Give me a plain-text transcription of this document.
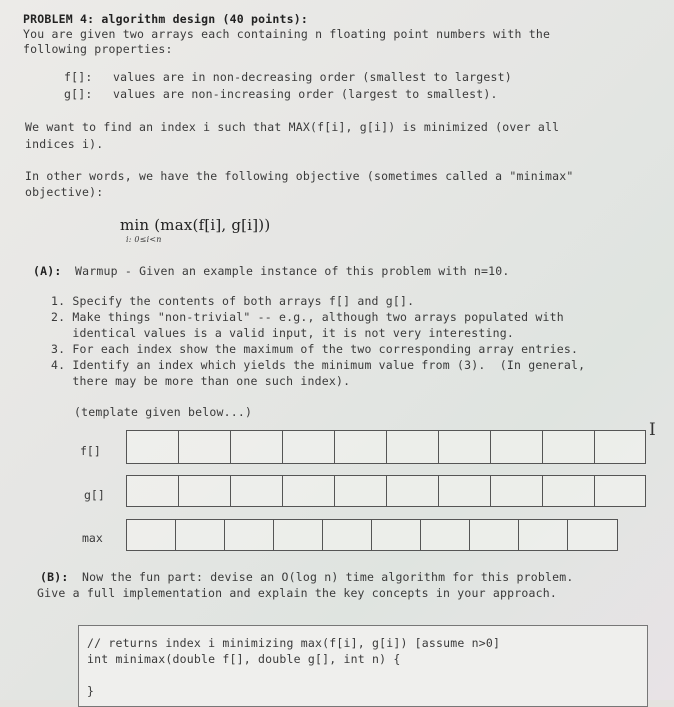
PROBLEM 4: algorithm design (40 points):
You are given two arrays each containing n floating point numbers with the
following properties:
f[]: values are in non-decreasing order (smallest to largest)
g[]: values are non-increasing order (largest to smallest).
We want to find an index i such that MAX(f[i], g[i]) is minimized (over all
indices i).
In other words, we have the following objective (sometimes called a "minimax"
objective):
min (max(f[i], g[i]))
i: 0≤i<n
(A): Warmup - Given an example instance of this problem with n=10.
1. Specify the contents of both arrays f[] and g[].
2. Make things "non-trivial" -- e.g., although two arrays populated with
identical values is a valid input, it is not very interesting.
3. For each index show the maximum of the two corresponding array entries.
4. Identify an index which yields the minimum value from (3).  (In general,
there may be more than one such index).
(template given below...)
f[]
I
g[]
max
(B): Now the fun part: devise an O(log n) time algorithm for this problem.
Give a full implementation and explain the key concepts in your approach.
// returns index i minimizing max(f[i], g[i]) [assume n>0]
int minimax(double f[], double g[], int n) {
}
